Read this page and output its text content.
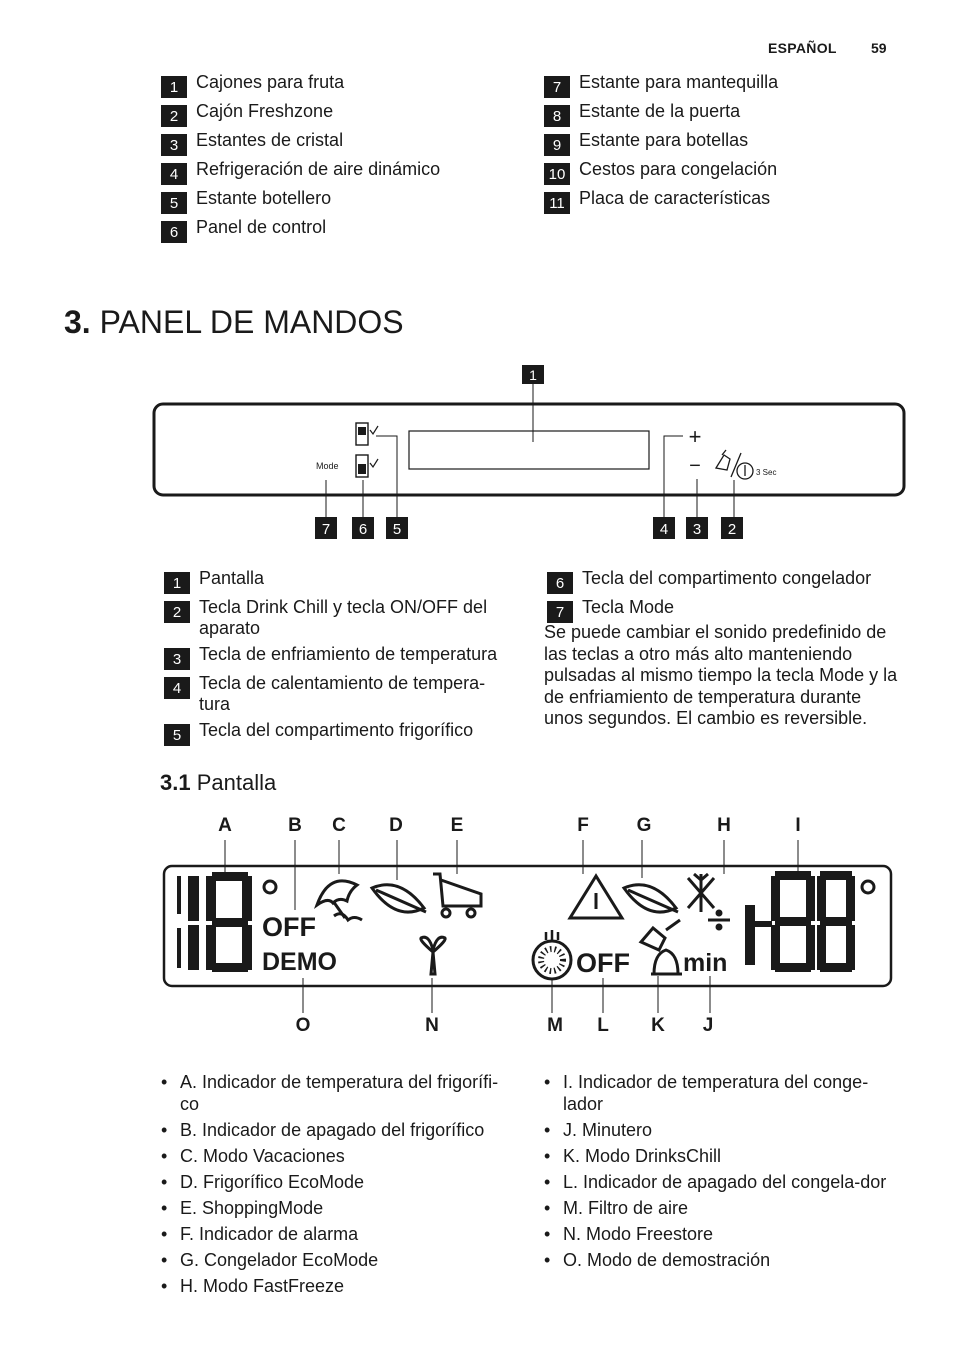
ESPAÑOL 59
1 Cajones para fruta
2 Cajón Freshzone
3 Estantes de cristal
4 Refrigeración de aire dinámico
5 Estante botellero
6 Panel de control
7 Estante para mantequilla
8 Estante de la puerta
9 Estante para botellas
10 Cestos para congelación
11 Placa de características
3. PANEL DE MANDOS
1
Mode
+
−	3 Sec
7 6 5	4 3 2
1 Pantalla
2 Tecla Drink Chill y tecla ON/OFF del aparato
3 Tecla de enfriamiento de temperatura
4 Tecla de calentamiento de tempera-tura
5 Tecla del compartimento frigorífico
6 Tecla del compartimento congelador
7 Tecla Mode
Se puede cambiar el sonido predefinido de las teclas a otro más alto manteniendo pulsadas al mismo tiempo la tecla Mode y la de enfriamiento de temperatura durante unos segundos. El cambio es reversible.
3.1 Pantalla
A	B C D	E	F	G	H	I
O	N	M L K J
OFF
DEMO	OFF min
• A. Indicador de temperatura del frigorífi-co
• B. Indicador de apagado del frigorífico
• C. Modo Vacaciones
• D. Frigorífico EcoMode
• E. ShoppingMode
• F. Indicador de alarma
• G. Congelador EcoMode
• H. Modo FastFreeze
• I. Indicador de temperatura del conge-lador
• J. Minutero
• K. Modo DrinksChill
• L. Indicador de apagado del congela-dor
• M. Filtro de aire
• N. Modo Freestore
• O. Modo de demostración
